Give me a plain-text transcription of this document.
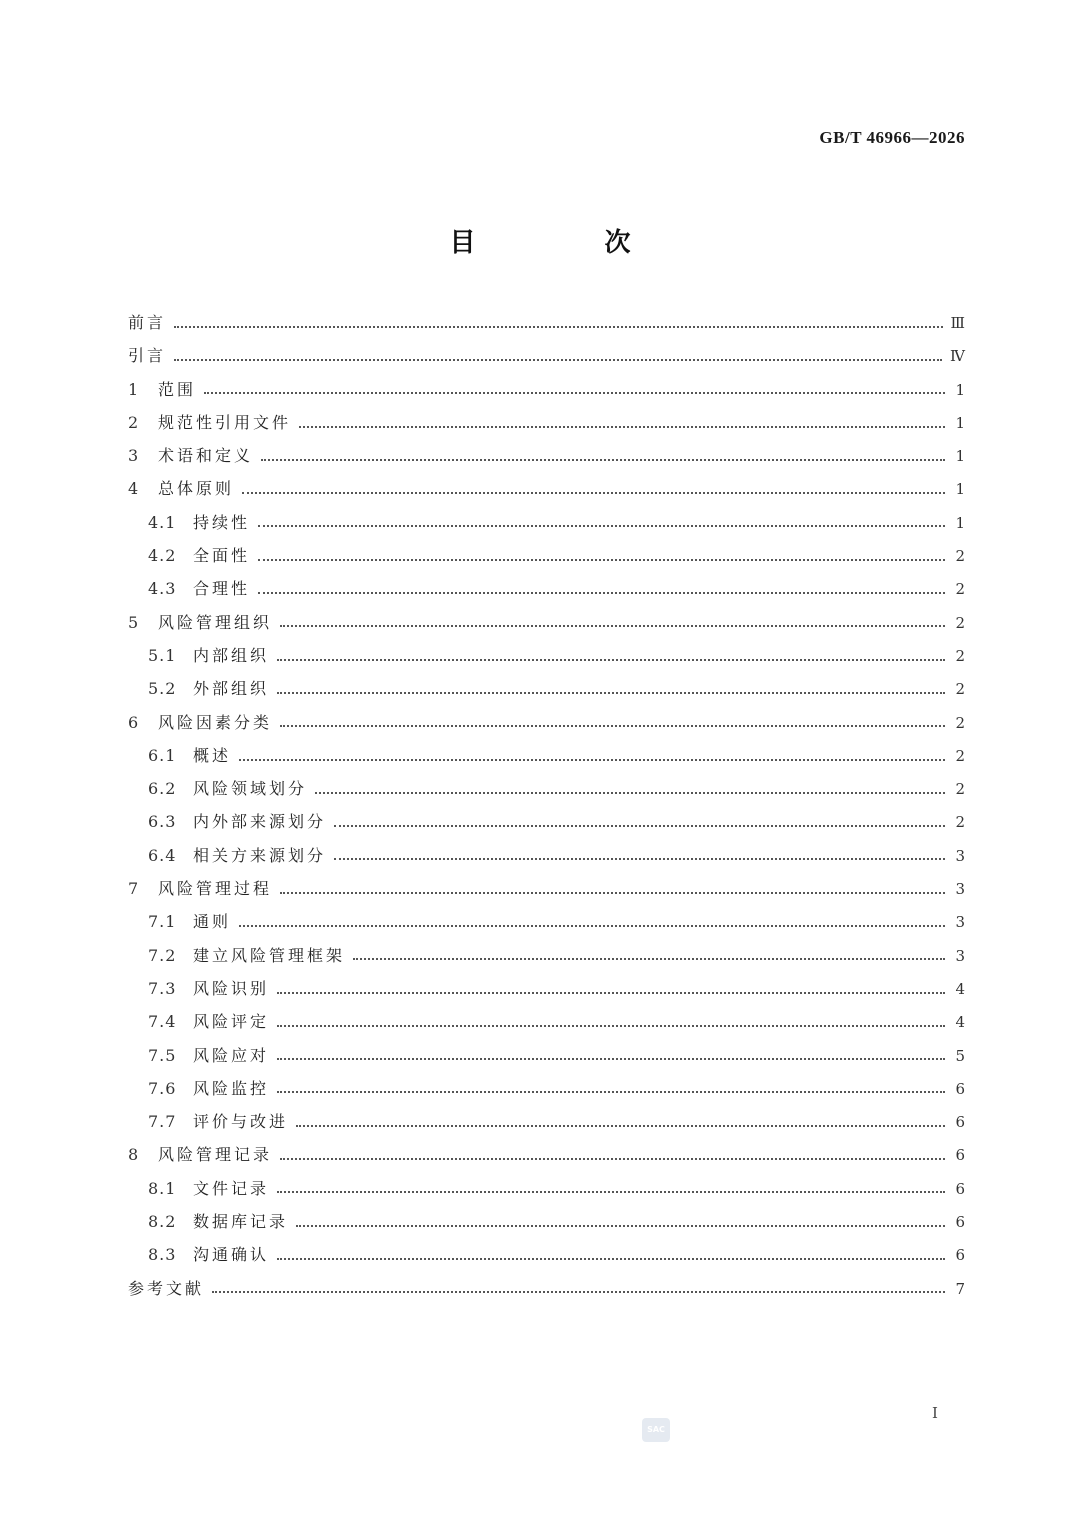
GB/T 46966—2026
目 次
前言	Ⅲ
引言	Ⅳ
1	范围	1
2	规范性引用文件	1
3	术语和定义	1
4	总体原则	1
4.1	持续性	1
4.2	全面性	2
4.3	合理性	2
5	风险管理组织	2
5.1	内部组织	2
5.2	外部组织	2
6	风险因素分类	2
6.1	概述	2
6.2	风险领域划分	2
6.3	内外部来源划分	2
6.4	相关方来源划分	3
7	风险管理过程	3
7.1	通则	3
7.2	建立风险管理框架	3
7.3	风险识别	4
7.4	风险评定	4
7.5	风险应对	5
7.6	风险监控	6
7.7	评价与改进	6
8	风险管理记录	6
8.1	文件记录	6
8.2	数据库记录	6
8.3	沟通确认	6
参考文献	7
I
SAC
